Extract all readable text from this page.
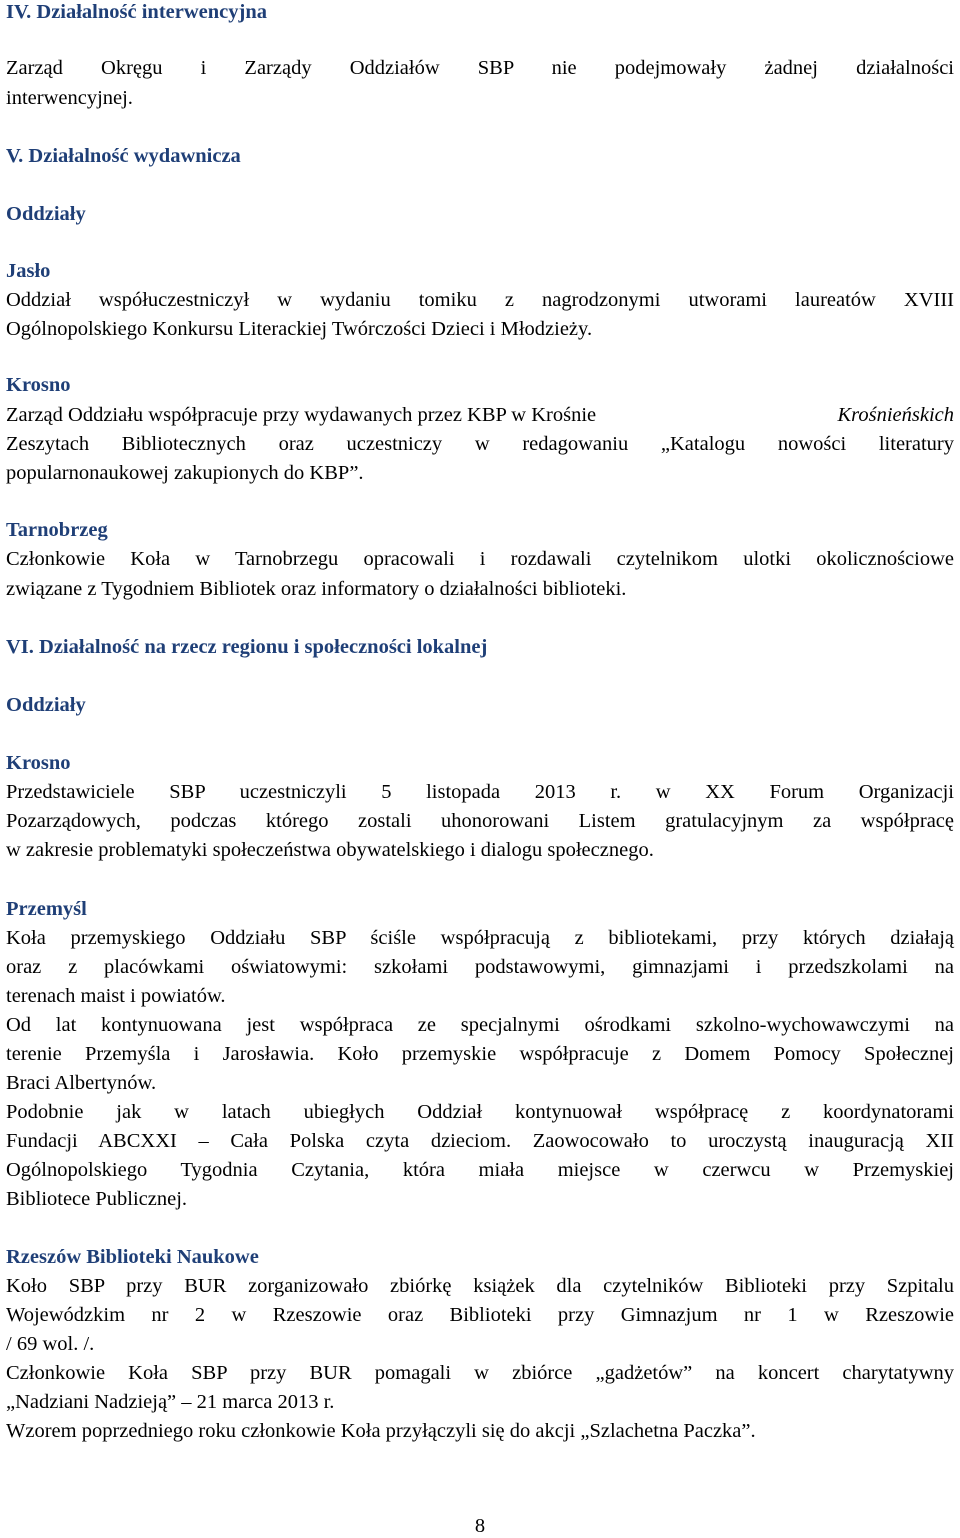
IV. Działalność interwencyjna
Zarząd Okręgu i Zarządy Oddziałów SBP nie podejmowały żadnej działalności
interwencyjnej.
V. Działalność wydawnicza
Oddziały
Jasło
Oddział współuczestniczył w wydaniu tomiku z nagrodzonymi utworami laureatów XVIII
Ogólnopolskiego Konkursu Literackiej Twórczości Dzieci i Młodzieży.
Krosno
Zarząd Oddziału współpracuje przy wydawanych przez KBP w Krośnie	Krośnieńskich
Zeszytach Bibliotecznych oraz uczestniczy w redagowaniu „Katalogu nowości literatury
popularnonaukowej zakupionych do KBP”.
Tarnobrzeg
Członkowie Koła w Tarnobrzegu opracowali i rozdawali czytelnikom ulotki okolicznościowe
związane z Tygodniem Bibliotek oraz informatory o działalności biblioteki.
VI. Działalność na rzecz regionu i społeczności lokalnej
Oddziały
Krosno
Przedstawiciele SBP uczestniczyli 5 listopada 2013 r. w XX Forum Organizacji
Pozarządowych, podczas którego zostali uhonorowani Listem gratulacyjnym za współpracę
w zakresie problematyki społeczeństwa obywatelskiego i dialogu społecznego.
Przemyśl
Koła przemyskiego Oddziału SBP ściśle współpracują z bibliotekami, przy których działają
oraz z placówkami oświatowymi: szkołami podstawowymi, gimnazjami i przedszkolami na
terenach maist i powiatów.
Od lat kontynuowana jest współpraca ze specjalnymi ośrodkami szkolno-wychowawczymi na
terenie Przemyśla i Jarosławia. Koło przemyskie współpracuje z Domem Pomocy Społecznej
Braci Albertynów.
Podobnie jak w latach ubiegłych Oddział kontynuował współpracę z koordynatorami
Fundacji ABCXXI – Cała Polska czyta dzieciom. Zaowocowało to uroczystą inauguracją XII
Ogólnopolskiego Tygodnia Czytania, która miała miejsce w czerwcu w Przemyskiej
Bibliotece Publicznej.
Rzeszów Biblioteki Naukowe
Koło SBP przy BUR zorganizowało zbiórkę książek dla czytelników Biblioteki przy Szpitalu
Wojewódzkim nr 2 w Rzeszowie oraz Biblioteki przy Gimnazjum nr 1 w Rzeszowie
/ 69 wol. /.
Członkowie Koła SBP przy BUR pomagali w zbiórce „gadżetów” na koncert charytatywny
„Nadziani Nadzieją” – 21 marca 2013 r.
Wzorem poprzedniego roku członkowie Koła przyłączyli się do akcji „Szlachetna Paczka”.
8
